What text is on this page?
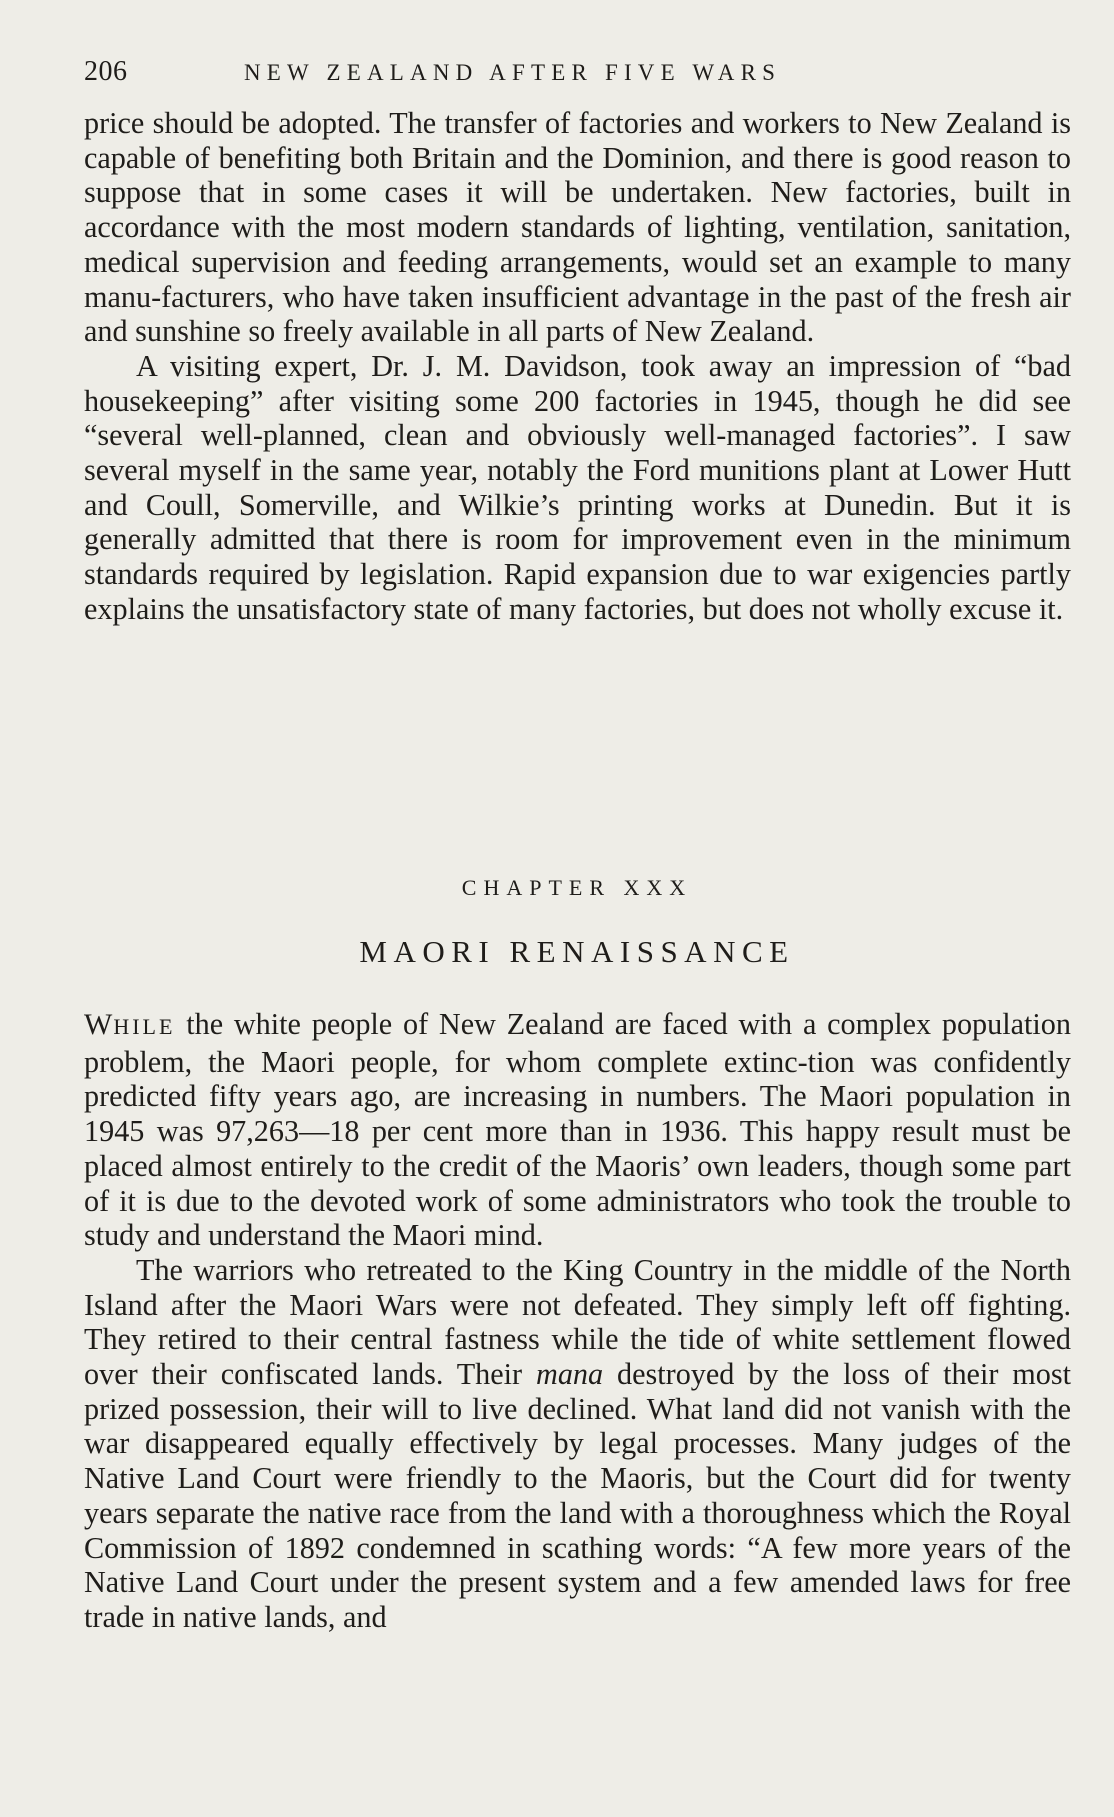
206	NEW ZEALAND AFTER FIVE WARS

price should be adopted. The transfer of factories and workers to New Zealand is capable of benefiting both Britain and the Dominion, and there is good reason to suppose that in some cases it will be undertaken. New factories, built in accordance with the most modern standards of lighting, ventilation, sanitation, medical supervision and feeding arrangements, would set an example to many manu-facturers, who have taken insufficient advantage in the past of the fresh air and sunshine so freely available in all parts of New Zealand.

A visiting expert, Dr. J. M. Davidson, took away an impression of “bad housekeeping” after visiting some 200 factories in 1945, though he did see “several well-planned, clean and obviously well-managed factories”. I saw several myself in the same year, notably the Ford munitions plant at Lower Hutt and Coull, Somerville, and Wilkie’s printing works at Dunedin. But it is generally admitted that there is room for improvement even in the minimum standards required by legislation. Rapid expansion due to war exigencies partly explains the unsatisfactory state of many factories, but does not wholly excuse it.

CHAPTER XXX
MAORI RENAISSANCE

WHILE the white people of New Zealand are faced with a complex population problem, the Maori people, for whom complete extinc-tion was confidently predicted fifty years ago, are increasing in numbers. The Maori population in 1945 was 97,263—18 per cent more than in 1936. This happy result must be placed almost entirely to the credit of the Maoris’ own leaders, though some part of it is due to the devoted work of some administrators who took the trouble to study and understand the Maori mind.

The warriors who retreated to the King Country in the middle of the North Island after the Maori Wars were not defeated. They simply left off fighting. They retired to their central fastness while the tide of white settlement flowed over their confiscated lands. Their mana destroyed by the loss of their most prized possession, their will to live declined. What land did not vanish with the war disappeared equally effectively by legal processes. Many judges of the Native Land Court were friendly to the Maoris, but the Court did for twenty years separate the native race from the land with a thoroughness which the Royal Commission of 1892 condemned in scathing words: “A few more years of the Native Land Court under the present system and a few amended laws for free trade in native lands, and
